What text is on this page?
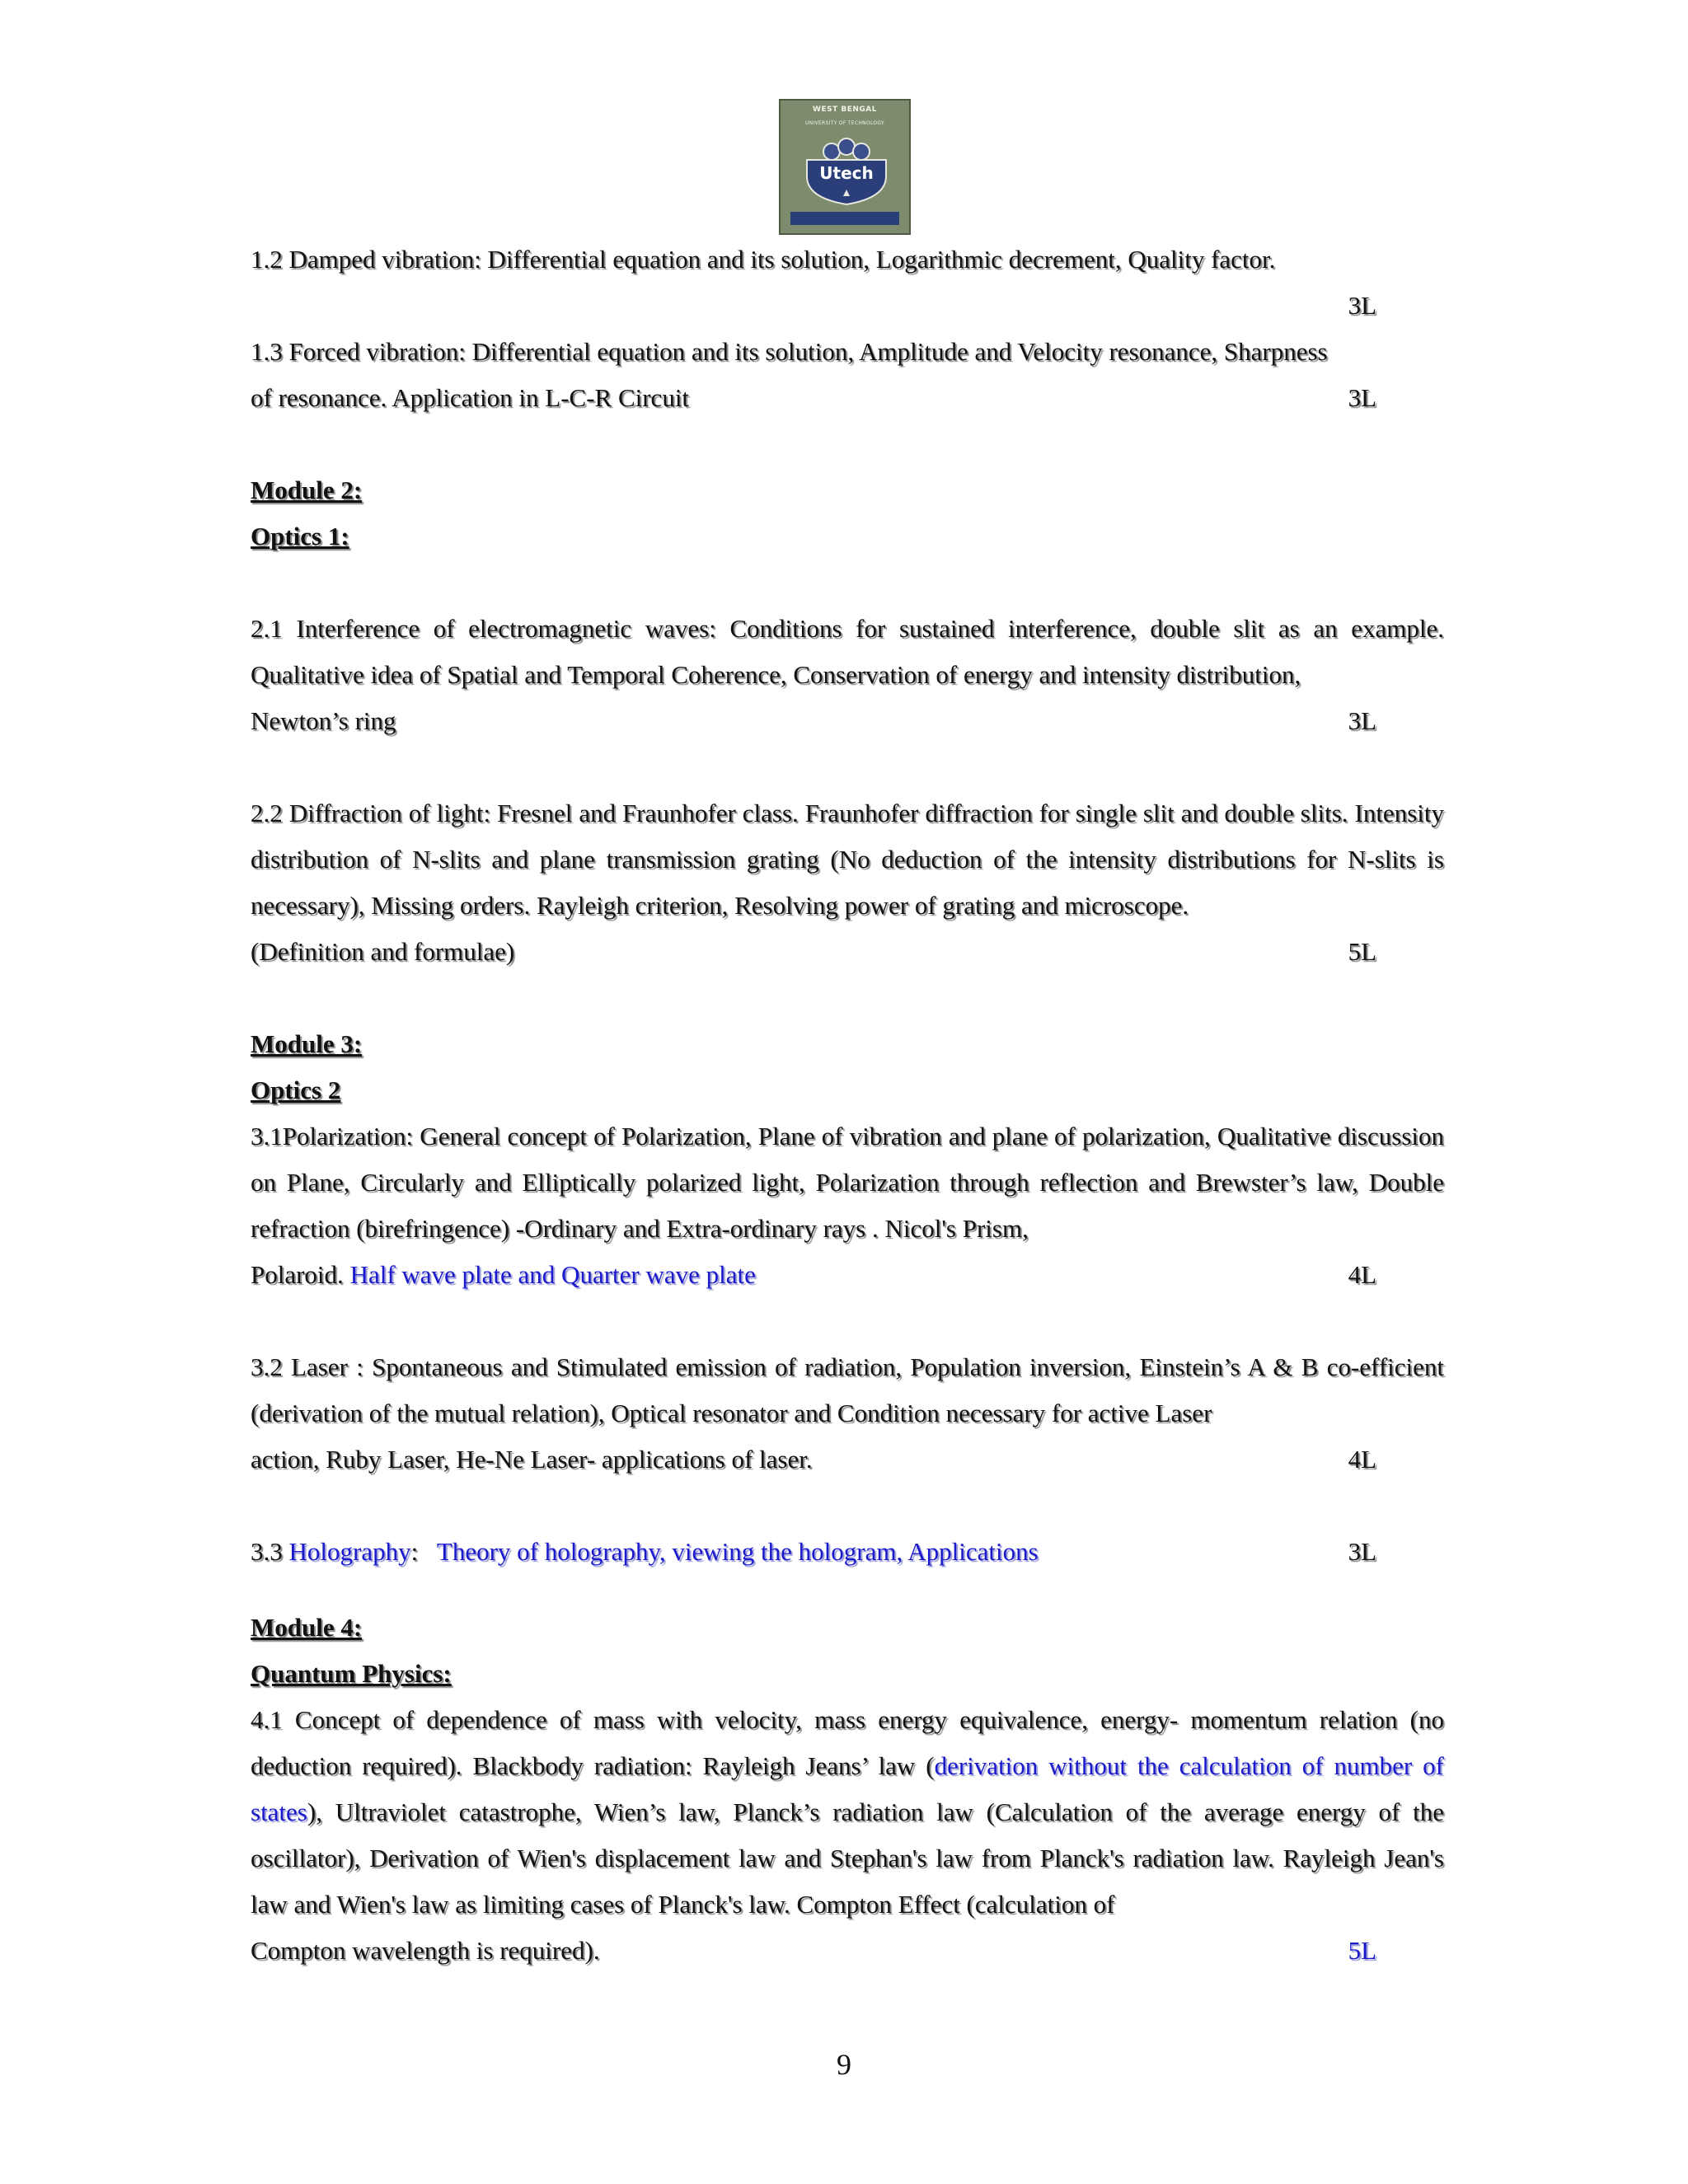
WEST BENGAL
UNIVERSITY OF TECHNOLOGY
Utech
1.2 Damped vibration: Differential equation and its solution, Logarithmic decrement, Quality factor.
3L
1.3 Forced vibration: Differential equation and its solution, Amplitude and Velocity resonance, Sharpness
of resonance. Application in L-C-R Circuit	3L
Module 2:
Optics 1:
2.1 Interference of electromagnetic waves: Conditions for sustained interference, double slit as an example. Qualitative idea of Spatial and Temporal Coherence, Conservation of energy and intensity distribution,
Newton’s ring	3L
2.2 Diffraction of light: Fresnel and Fraunhofer class. Fraunhofer diffraction for single slit and double slits. Intensity distribution of N-slits and plane transmission grating (No deduction of the intensity distributions for N-slits is necessary), Missing orders. Rayleigh criterion, Resolving power of grating and microscope.
(Definition and formulae)	5L
Module 3:
Optics 2
3.1Polarization: General concept of Polarization, Plane of vibration and plane of polarization, Qualitative discussion on Plane, Circularly and Elliptically polarized light, Polarization through reflection and Brewster’s law, Double refraction (birefringence) -Ordinary and Extra-ordinary rays . Nicol's Prism,
Polaroid. Half wave plate and Quarter wave plate	4L
3.2 Laser : Spontaneous and Stimulated emission of radiation, Population inversion, Einstein’s A & B co-efficient (derivation of the mutual relation), Optical resonator and Condition necessary for active Laser
action, Ruby Laser, He-Ne Laser- applications of laser.	4L
3.3 Holography:   Theory of holography, viewing the hologram, Applications	3L
Module 4:
Quantum Physics:
4.1 Concept of dependence of mass with velocity, mass energy equivalence, energy- momentum relation (no deduction required). Blackbody radiation: Rayleigh Jeans’ law (derivation without the calculation of number of states), Ultraviolet catastrophe, Wien’s law, Planck’s radiation law (Calculation of the average energy of the oscillator), Derivation of Wien's displacement law and Stephan's law from Planck's radiation law. Rayleigh Jean's law and Wien's law as limiting cases of Planck's law. Compton Effect (calculation of
Compton wavelength is required).	5L
9
